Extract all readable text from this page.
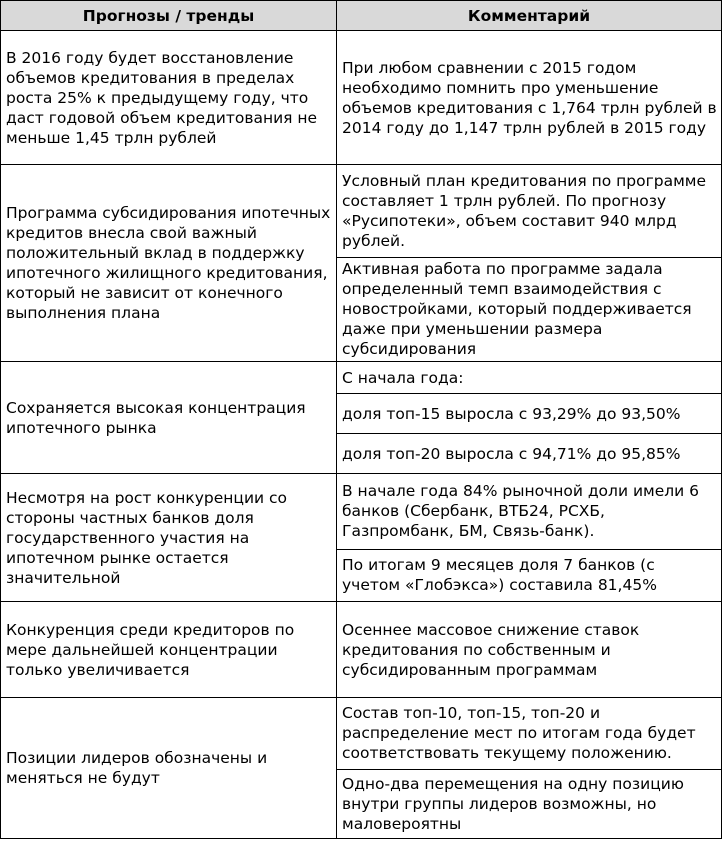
Прогнозы / тренды	Комментарий
В 2016 году будет восстановление объемов кредитования в пределах роста 25% к предыдущему году, что даст годовой объем кредитования не меньше 1,45 трлн рублей	При любом сравнении с 2015 годом необходимо помнить про уменьшение объемов кредитования с 1,764 трлн рублей в 2014 году до 1,147 трлн рублей в 2015 году
Программа субсидирования ипотечных кредитов внесла свой важный положительный вклад в поддержку ипотечного жилищного кредитования, который не зависит от конечного выполнения плана	Условный план кредитования по программе составляет 1 трлн рублей. По прогнозу «Русипотеки», объем составит 940 млрд рублей.
	Активная работа по программе задала определенный темп взаимодействия с новостройками, который поддерживается даже при уменьшении размера субсидирования
Сохраняется высокая концентрация ипотечного рынка	С начала года:
	доля топ-15 выросла с 93,29% до 93,50%
	доля топ-20 выросла с 94,71% до 95,85%
Несмотря на рост конкуренции со стороны частных банков доля государственного участия на ипотечном рынке остается значительной	В начале года 84% рыночной доли имели 6 банков (Сбербанк, ВТБ24, РСХБ, Газпромбанк, БМ, Связь-банк).
	По итогам 9 месяцев доля 7 банков (с учетом «Глобэкса») составила 81,45%
Конкуренция среди кредиторов по мере дальнейшей концентрации только увеличивается	Осеннее массовое снижение ставок кредитования по собственным и субсидированным программам
Позиции лидеров обозначены и меняться не будут	Состав топ-10, топ-15, топ-20 и распределение мест по итогам года будет соответствовать текущему положению.
	Одно-два перемещения на одну позицию внутри группы лидеров возможны, но маловероятны
